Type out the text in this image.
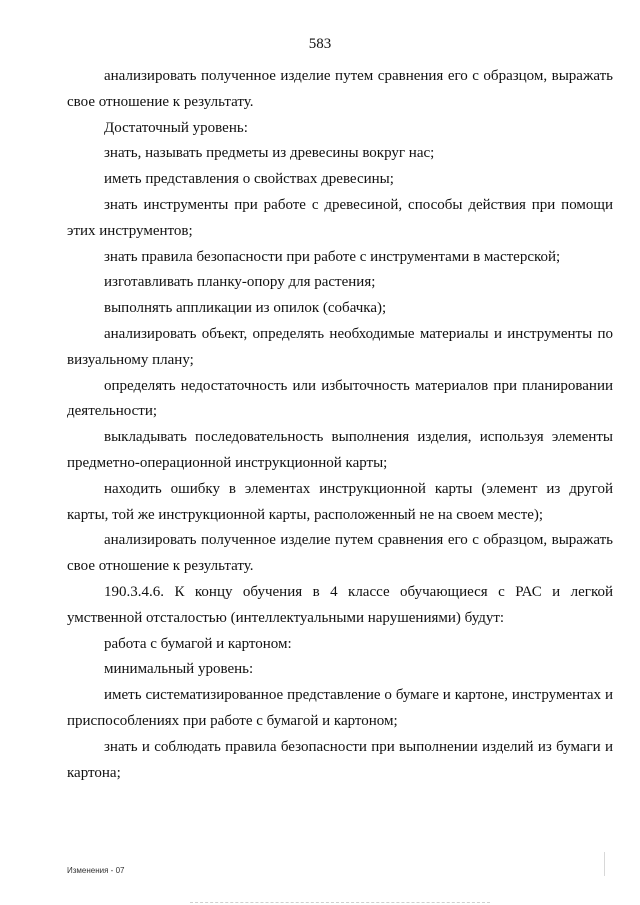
583

анализировать полученное изделие путем сравнения его с образцом, выражать свое отношение к результату.

Достаточный уровень:

знать, называть предметы из древесины вокруг нас;

иметь представления о свойствах древесины;

знать инструменты при работе с древесиной, способы действия при помощи этих инструментов;

знать правила безопасности при работе с инструментами в мастерской;

изготавливать планку-опору для растения;

выполнять аппликации из опилок (собачка);

анализировать объект, определять необходимые материалы и инструменты по визуальному плану;

определять недостаточность или избыточность материалов при планировании деятельности;

выкладывать последовательность выполнения изделия, используя элементы предметно-операционной инструкционной карты;

находить ошибку в элементах инструкционной карты (элемент из другой карты, той же инструкционной карты, расположенный не на своем месте);

анализировать полученное изделие путем сравнения его с образцом, выражать свое отношение к результату.

190.3.4.6. К концу обучения в 4 классе обучающиеся с РАС и легкой умственной отсталостью (интеллектуальными нарушениями) будут:

работа с бумагой и картоном:

минимальный уровень:

иметь систематизированное представление о бумаге и картоне, инструментах и приспособлениях при работе с бумагой и картоном;

знать и соблюдать правила безопасности при выполнении изделий из бумаги и картона;

Изменения - 07
